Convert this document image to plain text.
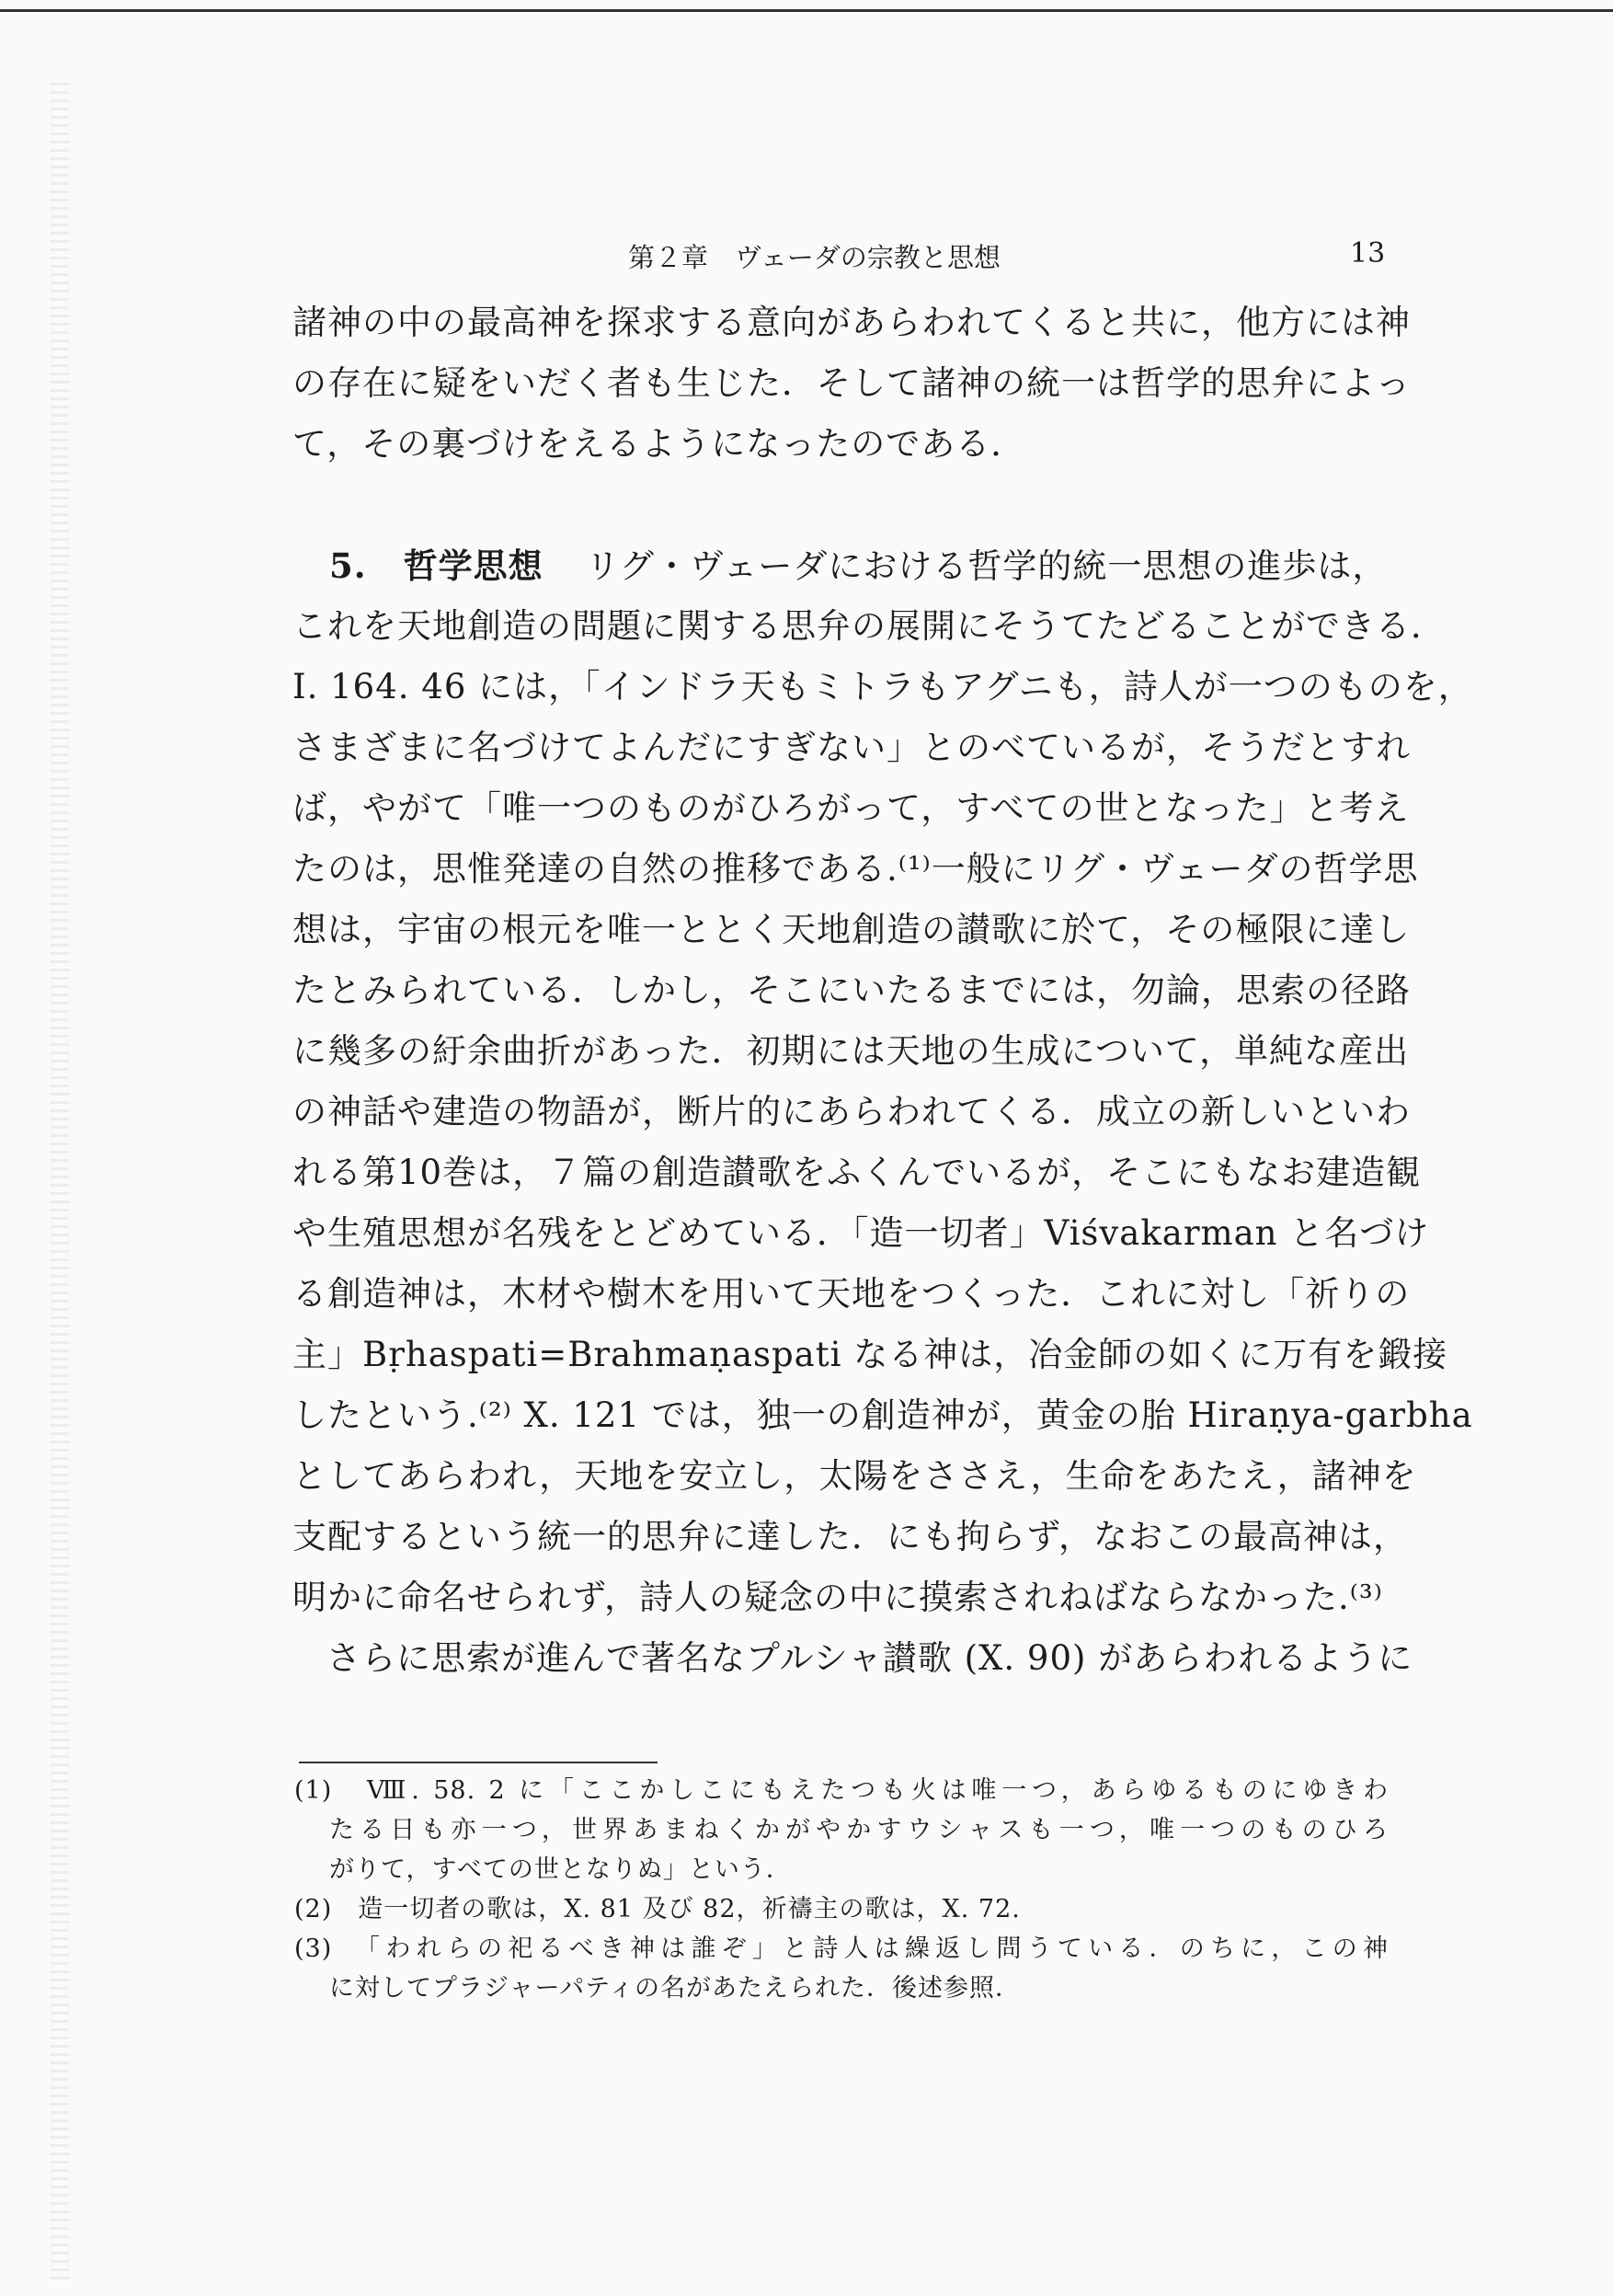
第２章　ヴェーダの宗教と思想	13
諸神の中の最高神を探求する意向があらわれてくると共に，他方には神
の存在に疑をいだく者も生じた．そして諸神の統一は哲学的思弁によっ
て，その裏づけをえるようになったのである．
5. 哲学思想 リグ・ヴェーダにおける哲学的統一思想の進歩は，
これを天地創造の問題に関する思弁の展開にそうてたどることができる．
I. 164. 46 には，「インドラ天もミトラもアグニも，詩人が一つのものを，
さまざまに名づけてよんだにすぎない」とのべているが，そうだとすれ
ば，やがて「唯一つのものがひろがって，すべての世となった」と考え
たのは，思惟発達の自然の推移である.⁽¹⁾一般にリグ・ヴェーダの哲学思
想は，宇宙の根元を唯一ととく天地創造の讃歌に於て，その極限に達し
たとみられている．しかし，そこにいたるまでには，勿論，思索の径路
に幾多の紆余曲折があった．初期には天地の生成について，単純な産出
の神話や建造の物語が，断片的にあらわれてくる．成立の新しいといわ
れる第10巻は，７篇の創造讃歌をふくんでいるが，そこにもなお建造観
や生殖思想が名残をとどめている．「造一切者」Viśvakarman と名づけ
る創造神は，木材や樹木を用いて天地をつくった．これに対し「祈りの
主」Bṛhaspati=Brahmaṇaspati なる神は，冶金師の如くに万有を鍛接
したという.⁽²⁾ X. 121 では，独一の創造神が，黄金の胎 Hiraṇya-garbha
としてあらわれ，天地を安立し，太陽をささえ，生命をあたえ，諸神を
支配するという統一的思弁に達した．にも拘らず，なおこの最高神は，
明かに命名せられず，詩人の疑念の中に摸索されねばならなかった.⁽³⁾
さらに思索が進んで著名なプルシャ讃歌 (X. 90) があらわれるように
(1)　Ⅷ. 58. 2 に「ここかしこにもえたつも火は唯一つ，あらゆるものにゆきわ
たる日も亦一つ，世界あまねくかがやかすウシャスも一つ，唯一つのものひろ
がりて，すべての世となりぬ」という．
(2)　造一切者の歌は，X. 81 及び 82，祈禱主の歌は，X. 72.
(3)　「われらの祀るべき神は誰ぞ」と詩人は繰返し問うている．のちに，この神
に対してプラジャーパティの名があたえられた．後述参照．
